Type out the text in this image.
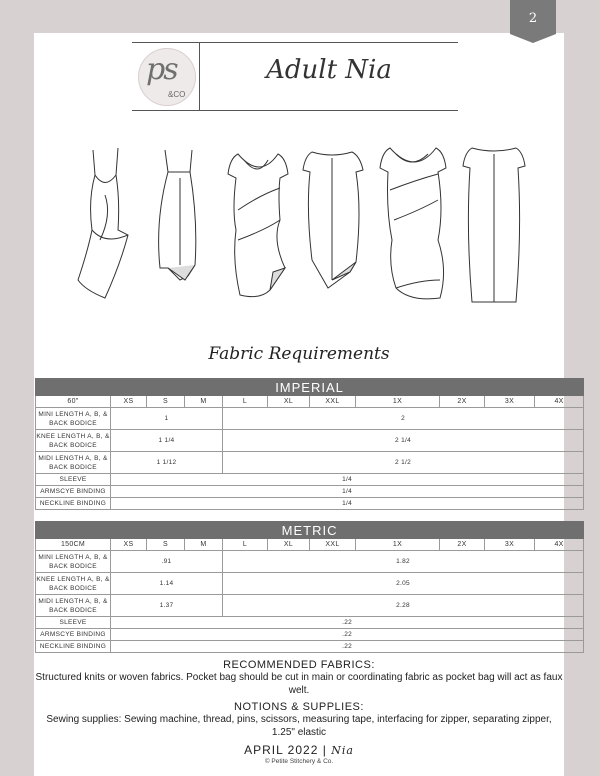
2
ps
&CO
Adult Nia
Fabric Requirements
IMPERIAL										
60"	XS	S	M	L	XL	XXL	1X	2X	3X	4X
MINI LENGTH A, B, & BACK BODICE	1			2						
KNEE LENGTH A, B, & BACK BODICE	1 1/4			2 1/4						
MIDI LENGTH A, B, & BACK BODICE	1 1/12			2 1/2						
SLEEVE	1/4									
ARMSCYE BINDING	1/4									
NECKLINE BINDING	1/4									
METRIC										
150CM	XS	S	M	L	XL	XXL	1X	2X	3X	4X
MINI LENGTH A, B, & BACK BODICE	.91			1.82						
KNEE LENGTH A, B, & BACK BODICE	1.14			2.05						
MIDI LENGTH A, B, & BACK BODICE	1.37			2.28						
SLEEVE	.22									
ARMSCYE BINDING	.22									
NECKLINE BINDING	.22									
RECOMMENDED FABRICS:
Structured knits or woven fabrics. Pocket bag should be cut in main or coordinating fabric as pocket bag will act as faux welt.
NOTIONS & SUPPLIES:
Sewing supplies: Sewing machine, thread, pins, scissors, measuring tape, interfacing for zipper, separating zipper, 1.25" elastic
APRIL 2022 | Nia
© Petite Stitchery & Co.
